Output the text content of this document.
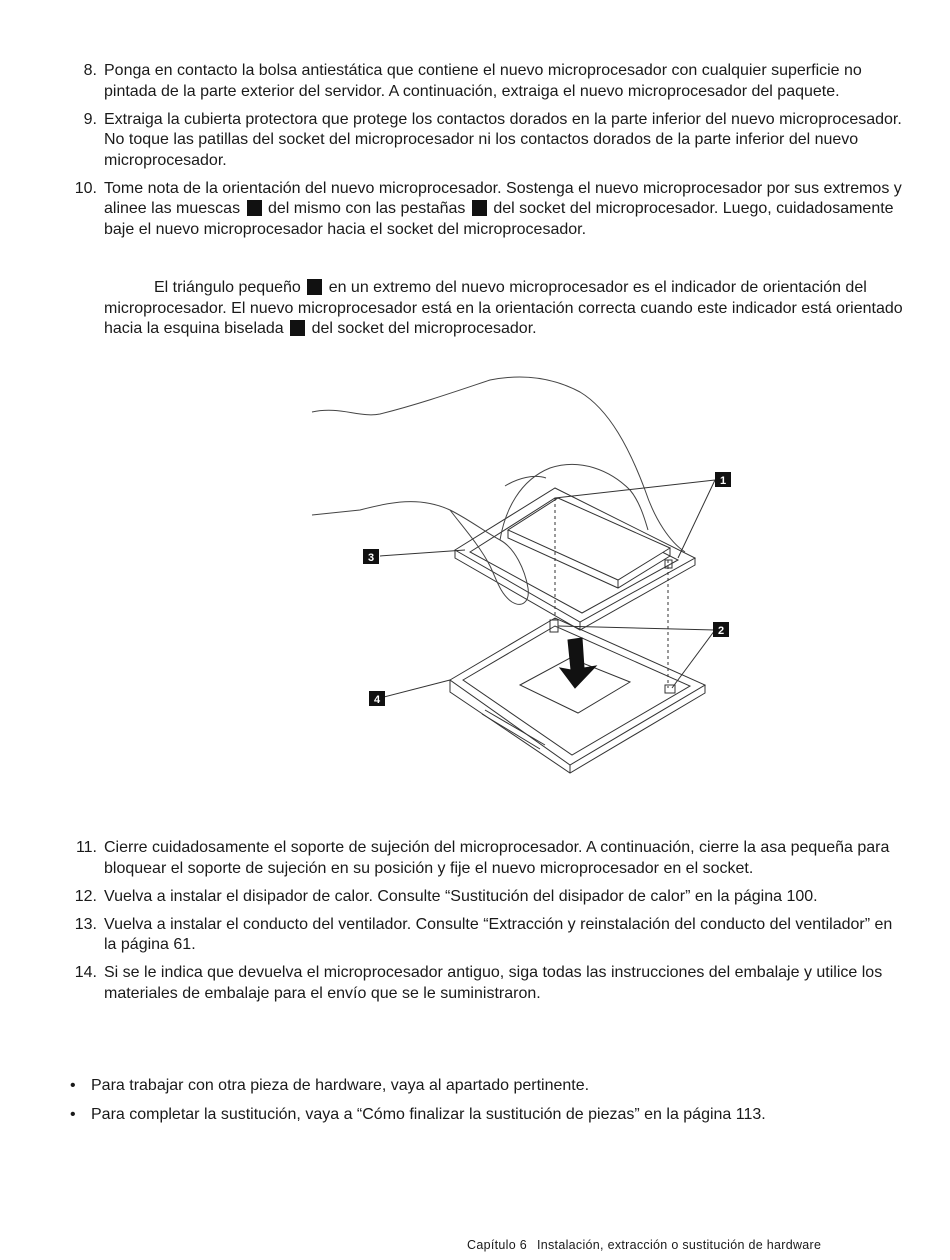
8. Ponga en contacto la bolsa antiestática que contiene el nuevo microprocesador con cualquier superficie no pintada de la parte exterior del servidor. A continuación, extraiga el nuevo microprocesador del paquete.
9. Extraiga la cubierta protectora que protege los contactos dorados en la parte inferior del nuevo microprocesador. No toque las patillas del socket del microprocesador ni los contactos dorados de la parte inferior del nuevo microprocesador.
10. Tome nota de la orientación del nuevo microprocesador. Sostenga el nuevo microprocesador por sus extremos y alinee las muescas del mismo con las pestañas del socket del microprocesador. Luego, cuidadosamente baje el nuevo microprocesador hacia el socket del microprocesador.

El triángulo pequeño en un extremo del nuevo microprocesador es el indicador de orientación del microprocesador. El nuevo microprocesador está en la orientación correcta cuando este indicador está orientado hacia la esquina biselada del socket del microprocesador.

1
2
3
4
11. Cierre cuidadosamente el soporte de sujeción del microprocesador. A continuación, cierre la asa pequeña para bloquear el soporte de sujeción en su posición y fije el nuevo microprocesador en el socket.
12. Vuelva a instalar el disipador de calor. Consulte “Sustitución del disipador de calor” en la página 100.
13. Vuelva a instalar el conducto del ventilador. Consulte “Extracción y reinstalación del conducto del ventilador” en la página 61.
14. Si se le indica que devuelva el microprocesador antiguo, siga todas las instrucciones del embalaje y utilice los materiales de embalaje para el envío que se le suministraron.
• Para trabajar con otra pieza de hardware, vaya al apartado pertinente.
• Para completar la sustitución, vaya a “Cómo finalizar la sustitución de piezas” en la página 113.
Capítulo 6 Instalación, extracción o sustitución de hardware
